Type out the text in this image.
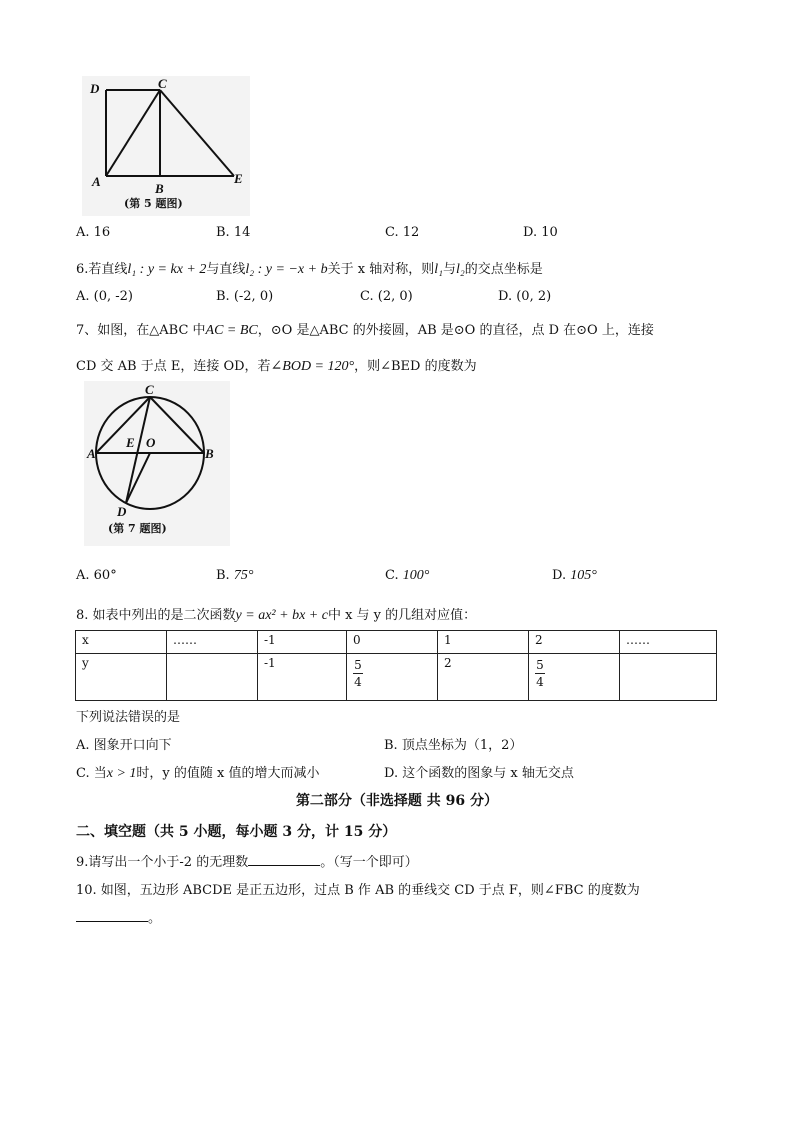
D	C
A	B
E
(第 5 题图)
A. 16	B. 14	C. 12	D. 10
6.若直线l₁ : y = kx + 2与直线l₂ : y = −x + b关于 x 轴对称，则l₁与l₂的交点坐标是
A. (0, -2)	B. (-2, 0)	C. (2, 0)	D. (0, 2)
7、如图，在△ABC 中AC = BC，⊙O 是△ABC 的外接圆，AB 是⊙O 的直径，点 D 在⊙O 上，连接
CD 交 AB 于点 E，连接 OD，若∠BOD = 120°，则∠BED 的度数为
C
A
E O
B
D
(第 7 题图)
A. 60°	B. 75°	C. 100°	D. 105°
8. 如表中列出的是二次函数y = ax² + bx + c中 x 与 y 的几组对应值：
x	……	-1	0	1	2	……
y		-1	$\frac{5}{4}$	2	$\frac{5}{4}$	
下列说法错误的是
A. 图象开口向下	B. 顶点坐标为（1，2）
C. 当x > 1时，y 的值随 x 值的增大而减小	D. 这个函数的图象与 x 轴无交点
第二部分（非选择题 共 96 分）
二、填空题（共 5 小题，每小题 3 分，计 15 分）
9.请写出一个小于-2 的无理数	。（写一个即可）
10. 如图，五边形 ABCDE 是正五边形，过点 B 作 AB 的垂线交 CD 于点 F，则∠FBC 的度数为
。
